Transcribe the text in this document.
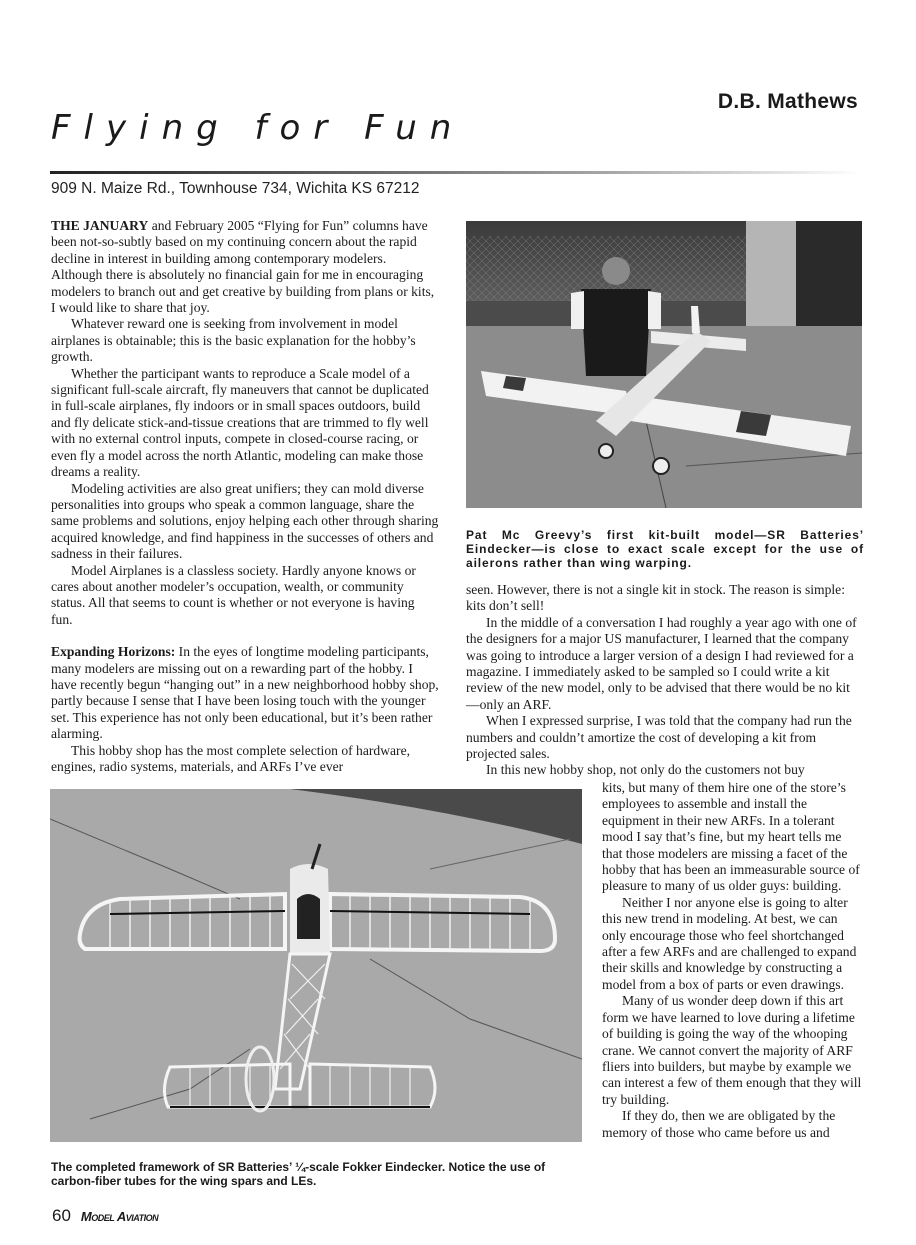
D.B. Mathews
Flying for Fun
909 N. Maize Rd., Townhouse 734, Wichita KS 67212

THE JANUARY and February 2005 “Flying for Fun” columns have been not-so-subtly based on my continuing concern about the rapid decline in interest in building among contemporary modelers. Although there is absolutely no financial gain for me in encouraging modelers to branch out and get creative by building from plans or kits, I would like to share that joy.

Whatever reward one is seeking from involvement in model airplanes is obtainable; this is the basic explanation for the hobby’s growth.

Whether the participant wants to reproduce a Scale model of a significant full-scale aircraft, fly maneuvers that cannot be duplicated in full-scale airplanes, fly indoors or in small spaces outdoors, build and fly delicate stick-and-tissue creations that are trimmed to fly well with no external control inputs, compete in closed-course racing, or even fly a model across the north Atlantic, modeling can make those dreams a reality.

Modeling activities are also great unifiers; they can mold diverse personalities into groups who speak a common language, share the same problems and solutions, enjoy helping each other through sharing acquired knowledge, and find happiness in the successes of others and sadness in their failures.

Model Airplanes is a classless society. Hardly anyone knows or cares about another modeler’s occupation, wealth, or community status. All that seems to count is whether or not everyone is having fun.

Expanding Horizons: In the eyes of longtime modeling participants, many modelers are missing out on a rewarding part of the hobby. I have recently begun “hanging out” in a new neighborhood hobby shop, partly because I sense that I have been losing touch with the younger set. This experience has not only been educational, but it’s been rather alarming.

This hobby shop has the most complete selection of hardware, engines, radio systems, materials, and ARFs I’ve ever

Pat Mc Greevy’s first kit-built model—SR Batteries’ Eindecker—is close to exact scale except for the use of ailerons rather than wing warping.

seen. However, there is not a single kit in stock. The reason is simple: kits don’t sell!

In the middle of a conversation I had roughly a year ago with one of the designers for a major US manufacturer, I learned that the company was going to introduce a larger version of a design I had reviewed for a magazine. I immediately asked to be sampled so I could write a kit review of the new model, only to be advised that there would be no kit—only an ARF.

When I expressed surprise, I was told that the company had run the numbers and couldn’t amortize the cost of developing a kit from projected sales.

In this new hobby shop, not only do the customers not buy

The completed framework of SR Batteries’ ¼-scale Fokker Eindecker. Notice the use of carbon-fiber tubes for the wing spars and LEs.

kits, but many of them hire one of the store’s employees to assemble and install the equipment in their new ARFs. In a tolerant mood I say that’s fine, but my heart tells me that those modelers are missing a facet of the hobby that has been an immeasurable source of pleasure to many of us older guys: building.

Neither I nor anyone else is going to alter this new trend in modeling. At best, we can only encourage those who feel shortchanged after a few ARFs and are challenged to expand their skills and knowledge by constructing a model from a box of parts or even drawings.

Many of us wonder deep down if this art form we have learned to love during a lifetime of building is going the way of the whooping crane. We cannot convert the majority of ARF fliers into builders, but maybe by example we can interest a few of them enough that they will try building.

If they do, then we are obligated by the memory of those who came before us and

60 Model Aviation
